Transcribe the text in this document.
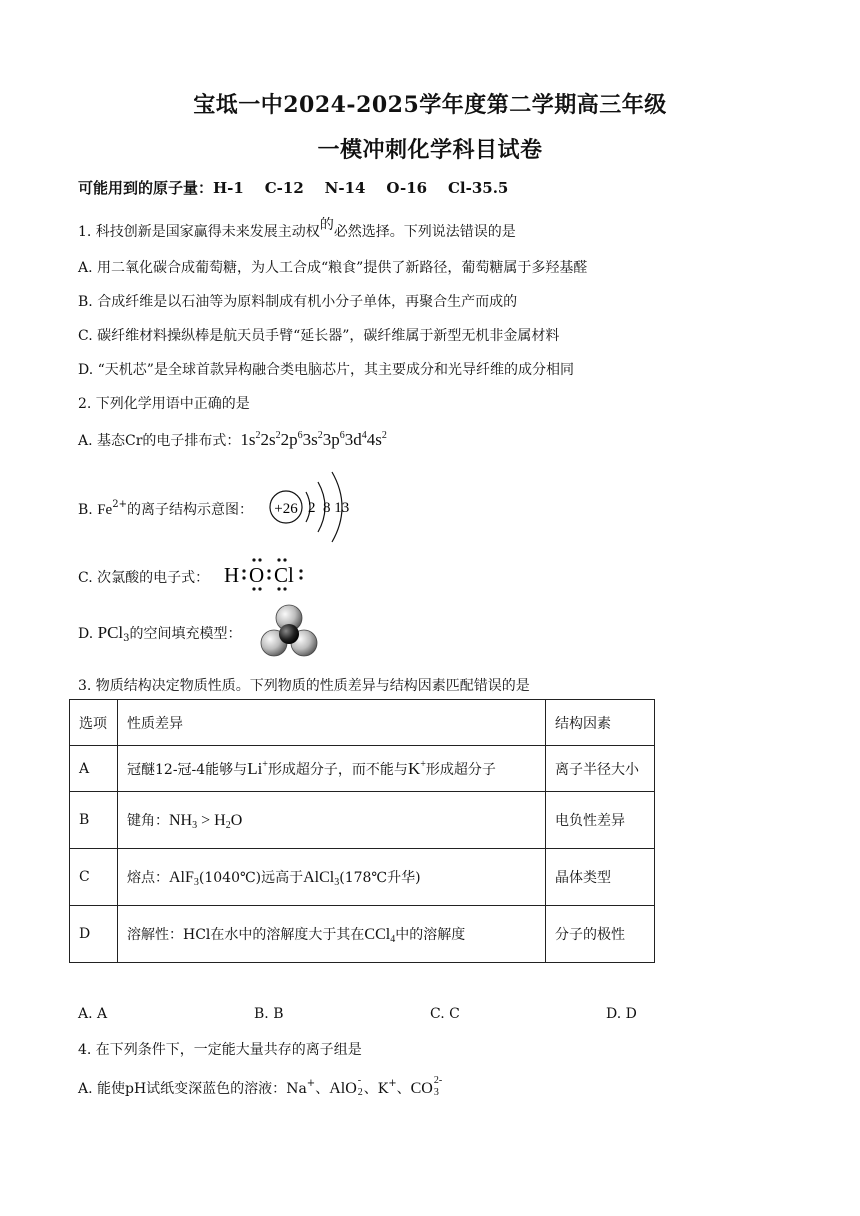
宝坻一中2024-2025学年度第二学期高三年级
一模冲刺化学科目试卷
可能用到的原子量：H-1    C-12    N-14    O-16    Cl-35.5
1. 科技创新是国家赢得未来发展主动权的必然选择。下列说法错误的是
A. 用二氧化碳合成葡萄糖，为人工合成“粮食”提供了新路径，葡萄糖属于多羟基醛
B. 合成纤维是以石油等为原料制成有机小分子单体，再聚合生产而成的
C. 碳纤维材料操纵棒是航天员手臂“延长器”，碳纤维属于新型无机非金属材料
D. “天机芯”是全球首款异构融合类电脑芯片，其主要成分和光导纤维的成分相同
2. 下列化学用语中正确的是
A. 基态Cr的电子排布式：$1s^22s^22p^63s^23p^63d^44s^2$
B. $Fe^{2+}$的离子结构示意图： +26 2  8 13
C. 次氯酸的电子式： H O Cl
D. PCl$_3$的空间填充模型：
3. 物质结构决定物质性质。下列物质的性质差异与结构因素匹配错误的是
选项	性质差异	结构因素
A	冠醚12-冠-4能够与Li+形成超分子，而不能与K+形成超分子	离子半径大小
B	键角：$NH_3 > H_2O$	电负性差异
C	熔点：AlF$_3$(1040℃)远高于AlCl$_3$(178℃升华)	晶体类型
D	溶解性：HCl在水中的溶解度大于其在CCl$_4$中的溶解度	分子的极性
A. A	B. B	C. C	D. D
4. 在下列条件下，一定能大量共存的离子组是
A. 能使pH试纸变深蓝色的溶液：Na+、AlO -
2 、K+、CO 2-
3
